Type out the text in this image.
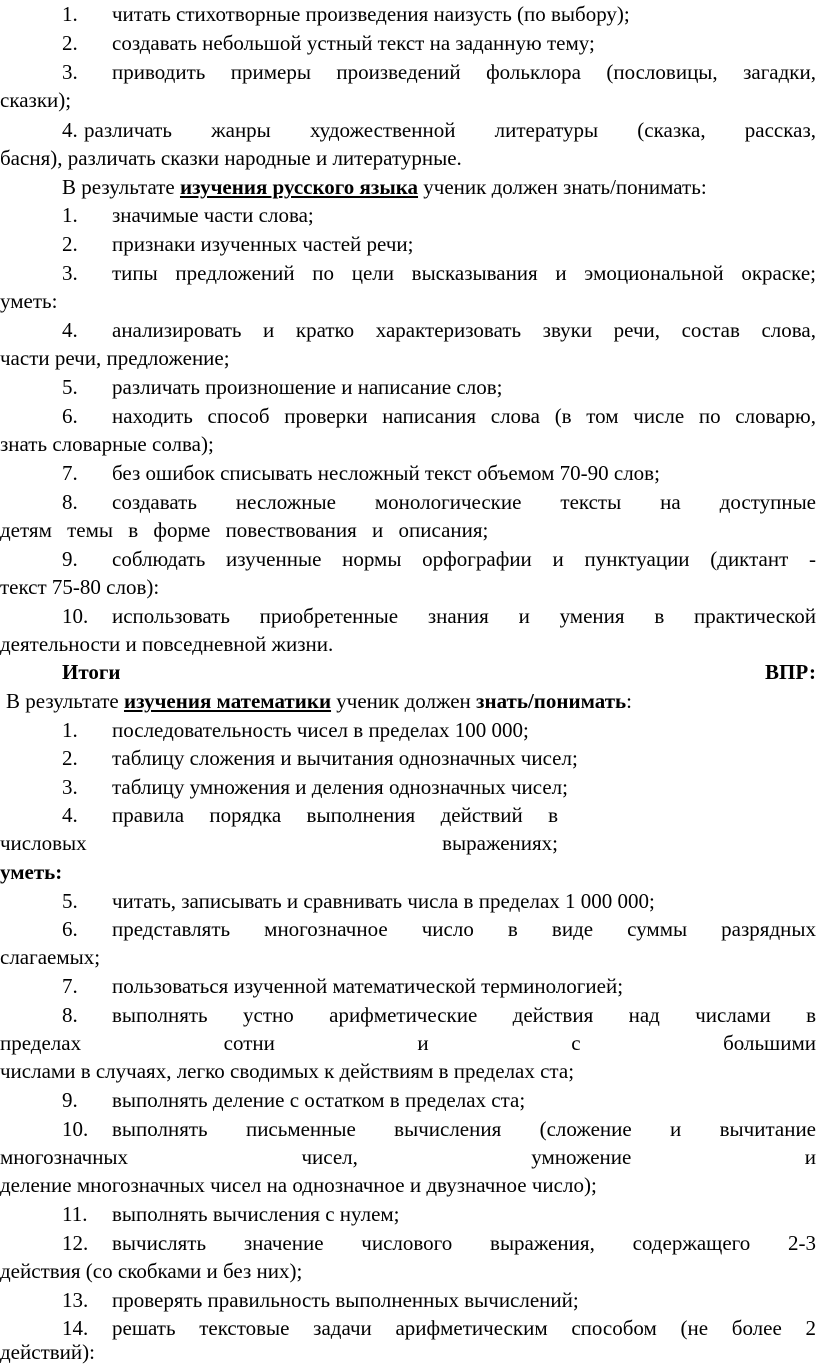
1. читать стихотворные произведения наизусть (по выбору);
2. создавать небольшой устный текст на заданную тему;
3. приводить примеры произведений фольклора (пословицы, загадки,
сказки);
4. различать жанры художественной литературы (сказка, рассказ,
басня), различать сказки народные и литературные.
В результате изучения русского языка ученик должен знать/понимать:
1. значимые части слова;
2. признаки изученных частей речи;
3. типы предложений по цели высказывания и эмоциональной окраске;
уметь:
4. анализировать и кратко характеризовать звуки речи, состав слова,
части речи, предложение;
5. различать произношение и написание слов;
6. находить способ проверки написания слова (в том числе по словарю,
знать словарные солва);
7. без ошибок списывать несложный текст объемом 70-90 слов;
8. создавать несложные монологические тексты на доступные
детям темы в форме повествования и описания;
9. соблюдать изученные нормы орфографии и пунктуации (диктант -
текст 75-80 слов):
10. использовать приобретенные знания и умения в практической
деятельности и повседневной жизни.
Итоги	ВПР:
В результате изучения математики ученик должен знать/понимать:
1. последовательность чисел в пределах 100 000;
2. таблицу сложения и вычитания однозначных чисел;
3. таблицу умножения и деления однозначных чисел;
4. правила порядка выполнения действий в
числовых	выражениях;
уметь:
5. читать, записывать и сравнивать числа в пределах 1 000 000;
6. представлять многозначное число в виде суммы разрядных
слагаемых;
7. пользоваться изученной математической терминологией;
8. выполнять устно арифметические действия над числами в
пределах сотни и с большими
числами в случаях, легко сводимых к действиям в пределах ста;
9. выполнять деление с остатком в пределах ста;
10. выполнять письменные вычисления (сложение и вычитание
многозначных чисел, умножение и
деление многозначных чисел на однозначное и двузначное число);
11. выполнять вычисления с нулем;
12. вычислять значение числового выражения, содержащего 2-3
действия (со скобками и без них);
13. проверять правильность выполненных вычислений;
14. решать текстовые задачи арифметическим способом (не более 2
действий):
